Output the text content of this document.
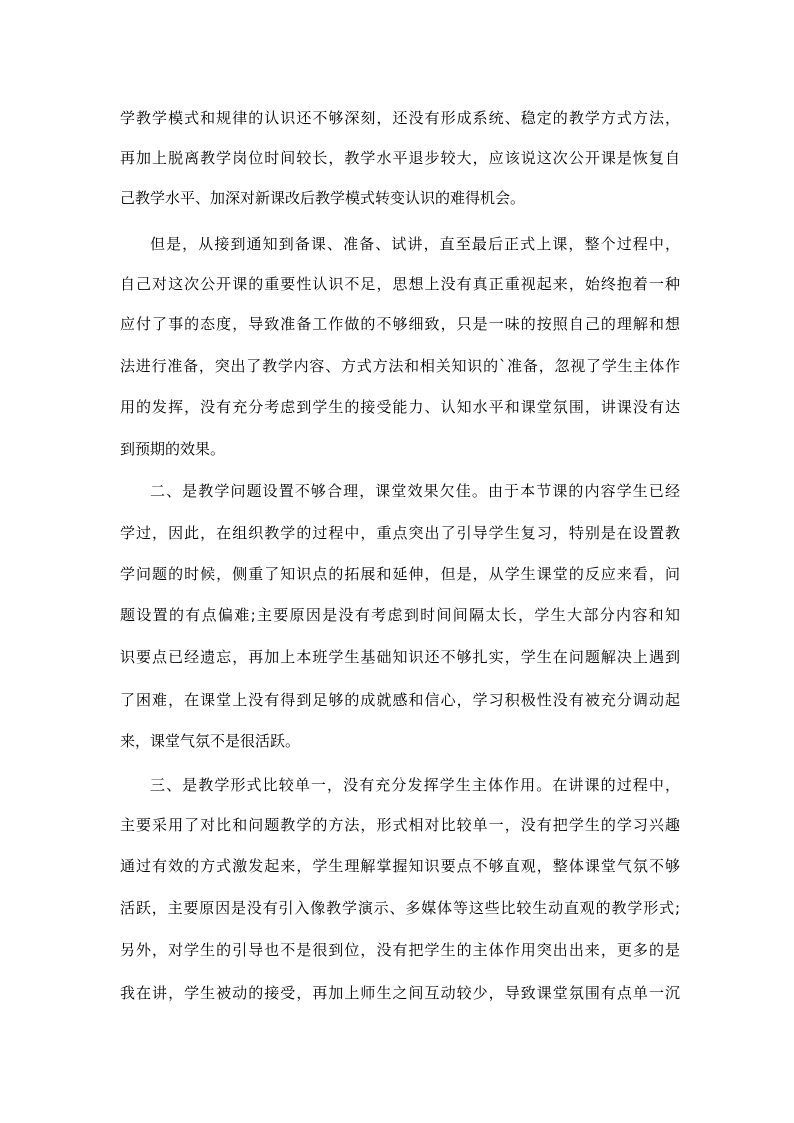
学教学模式和规律的认识还不够深刻，还没有形成系统、稳定的教学方式方法，
再加上脱离教学岗位时间较长，教学水平退步较大，应该说这次公开课是恢复自
己教学水平、加深对新课改后教学模式转变认识的难得机会。
但是，从接到通知到备课、准备、试讲，直至最后正式上课，整个过程中，
自己对这次公开课的重要性认识不足，思想上没有真正重视起来，始终抱着一种
应付了事的态度，导致准备工作做的不够细致，只是一味的按照自己的理解和想
法进行准备，突出了教学内容、方式方法和相关知识的`准备，忽视了学生主体作
用的发挥，没有充分考虑到学生的接受能力、认知水平和课堂氛围，讲课没有达
到预期的效果。
二、是教学问题设置不够合理，课堂效果欠佳。由于本节课的内容学生已经
学过，因此，在组织教学的过程中，重点突出了引导学生复习，特别是在设置教
学问题的时候，侧重了知识点的拓展和延伸，但是，从学生课堂的反应来看，问
题设置的有点偏难;主要原因是没有考虑到时间间隔太长，学生大部分内容和知
识要点已经遗忘，再加上本班学生基础知识还不够扎实，学生在问题解决上遇到
了困难，在课堂上没有得到足够的成就感和信心，学习积极性没有被充分调动起
来，课堂气氛不是很活跃。
三、是教学形式比较单一，没有充分发挥学生主体作用。在讲课的过程中，
主要采用了对比和问题教学的方法，形式相对比较单一，没有把学生的学习兴趣
通过有效的方式激发起来，学生理解掌握知识要点不够直观，整体课堂气氛不够
活跃，主要原因是没有引入像教学演示、多媒体等这些比较生动直观的教学形式;
另外，对学生的引导也不是很到位，没有把学生的主体作用突出出来，更多的是
我在讲，学生被动的接受，再加上师生之间互动较少，导致课堂氛围有点单一沉
